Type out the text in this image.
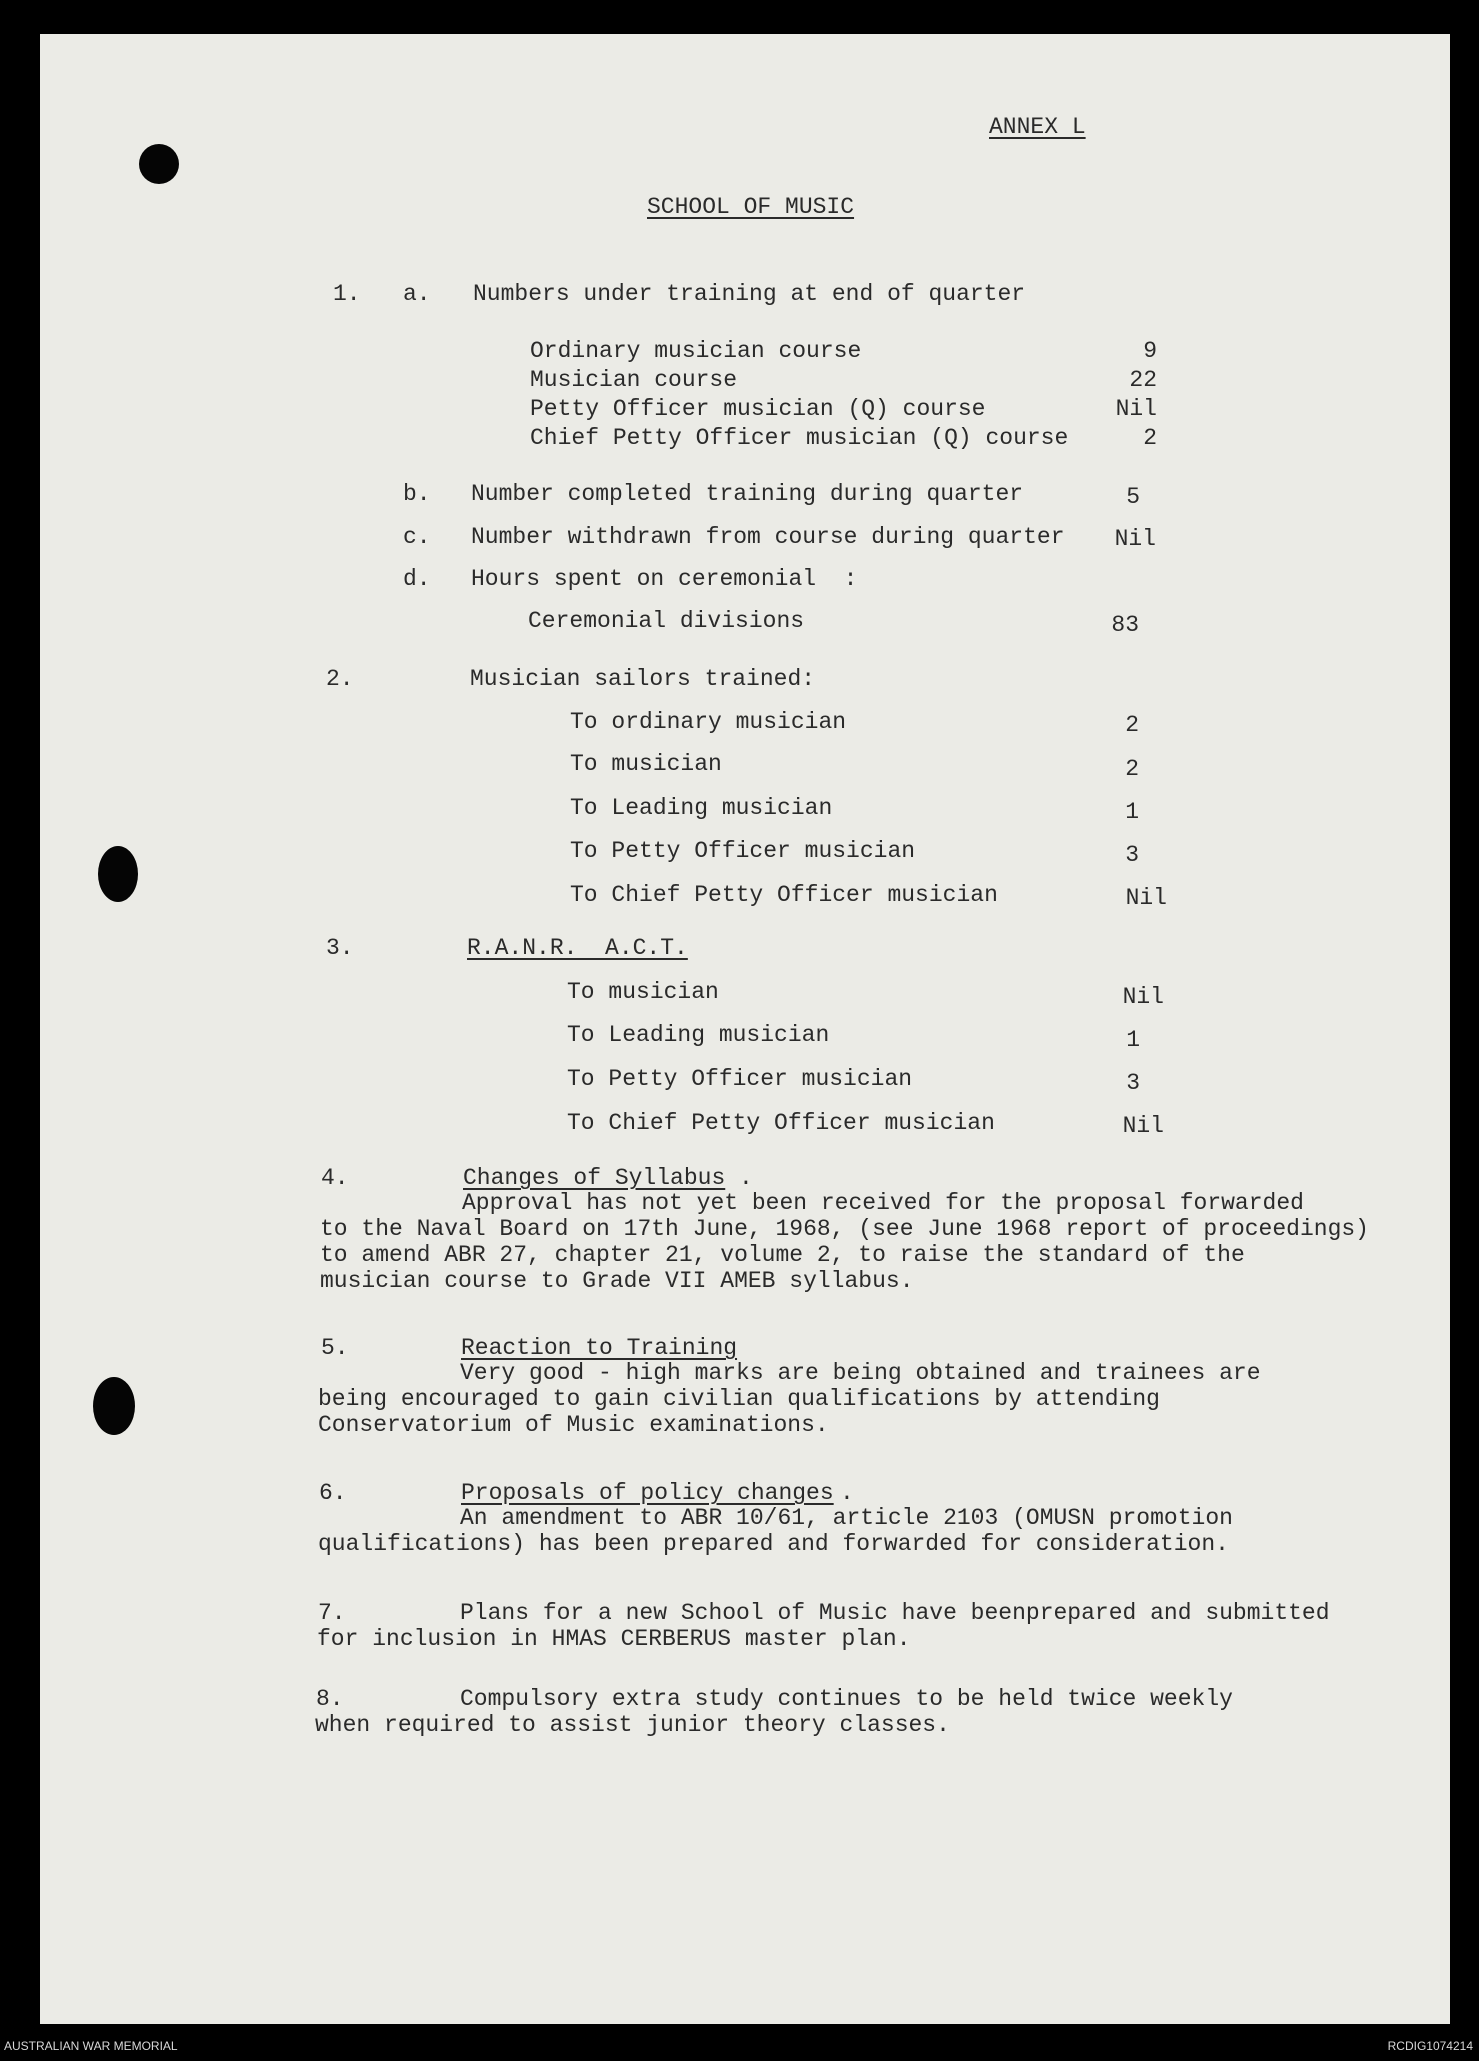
ANNEX L
SCHOOL OF MUSIC
1. a. Numbers under training at end of quarter
Ordinary musician course	9
Musician course	22
Petty Officer musician (Q) course	Nil
Chief Petty Officer musician (Q) course	2
b. Number completed training during quarter	5
c. Number withdrawn from course during quarter Nil
d. Hours spent on ceremonial  :
Ceremonial divisions	83
2.	Musician sailors trained:
To ordinary musician	2
To musician	2
To Leading musician	1
To Petty Officer musician	3
To Chief Petty Officer musician	Nil
3.	R.A.N.R.  A.C.T.
To musician	Nil
To Leading musician	1
To Petty Officer musician	3
To Chief Petty Officer musician	Nil
4.	Changes of Syllabus .
Approval has not yet been received for the proposal forwarded
to the Naval Board on 17th June, 1968, (see June 1968 report of proceedings)
to amend ABR 27, chapter 21, volume 2, to raise the standard of the
musician course to Grade VII AMEB syllabus.
5.	Reaction to Training
Very good - high marks are being obtained and trainees are
being encouraged to gain civilian qualifications by attending
Conservatorium of Music examinations.
6.	Proposals of policy changes .
An amendment to ABR 10/61, article 2103 (OMUSN promotion
qualifications) has been prepared and forwarded for consideration.
7.	Plans for a new School of Music have beenprepared and submitted
for inclusion in HMAS CERBERUS master plan.
8.	Compulsory extra study continues to be held twice weekly
when required to assist junior theory classes.
AUSTRALIAN WAR MEMORIAL	RCDIG1074214
